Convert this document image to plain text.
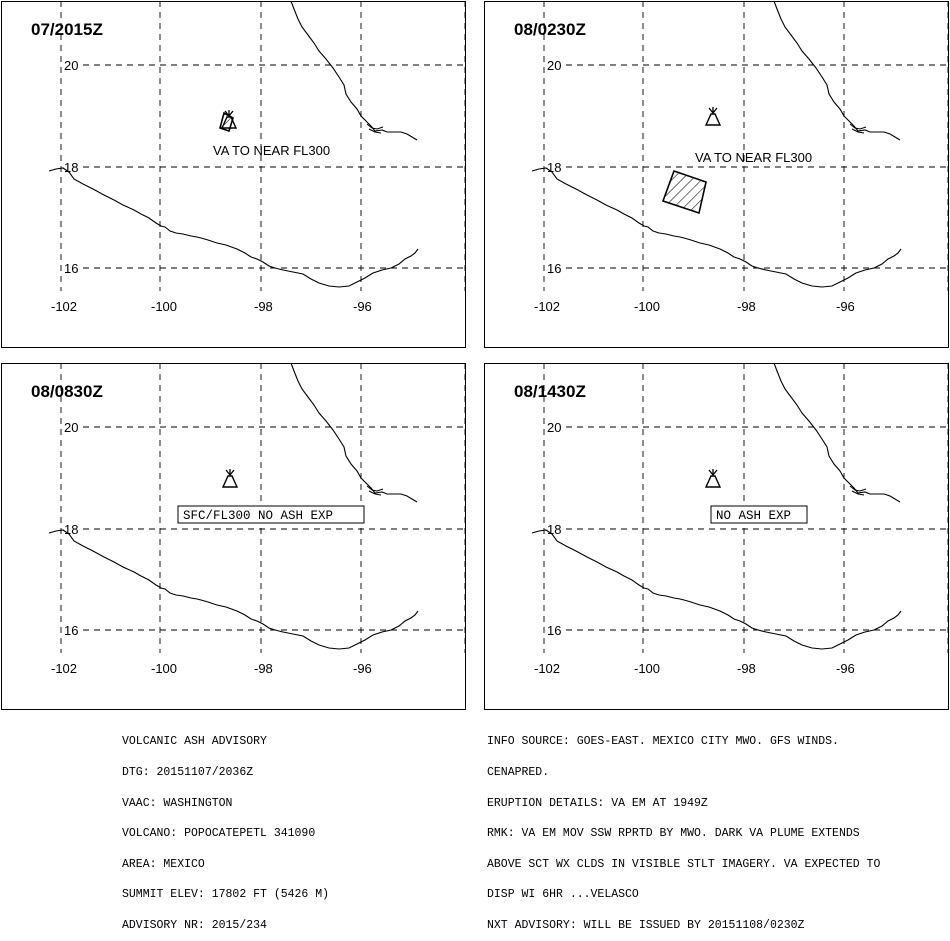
07/2015Z
20
18
16
-102	-100	-98	-96
VA TO NEAR FL300
08/0230Z
20
18
16
-102	-100	-98	-96
VA TO NEAR FL300
08/0830Z
20
18
16
-102	-100	-98	-96
SFC/FL300 NO ASH EXP
08/1430Z
20
18
16
-102	-100	-98	-96
NO ASH EXP

VOLCANIC ASH ADVISORY

DTG: 20151107/2036Z

VAAC: WASHINGTON

VOLCANO: POPOCATEPETL 341090

AREA: MEXICO

SUMMIT ELEV: 17802 FT (5426 M)

ADVISORY NR: 2015/234

INFO SOURCE: GOES-EAST. MEXICO CITY MWO. GFS WINDS.

CENAPRED.

ERUPTION DETAILS: VA EM AT 1949Z

RMK: VA EM MOV SSW RPRTD BY MWO. DARK VA PLUME EXTENDS

ABOVE SCT WX CLDS IN VISIBLE STLT IMAGERY. VA EXPECTED TO

DISP WI 6HR ...VELASCO

NXT ADVISORY: WILL BE ISSUED BY 20151108/0230Z
